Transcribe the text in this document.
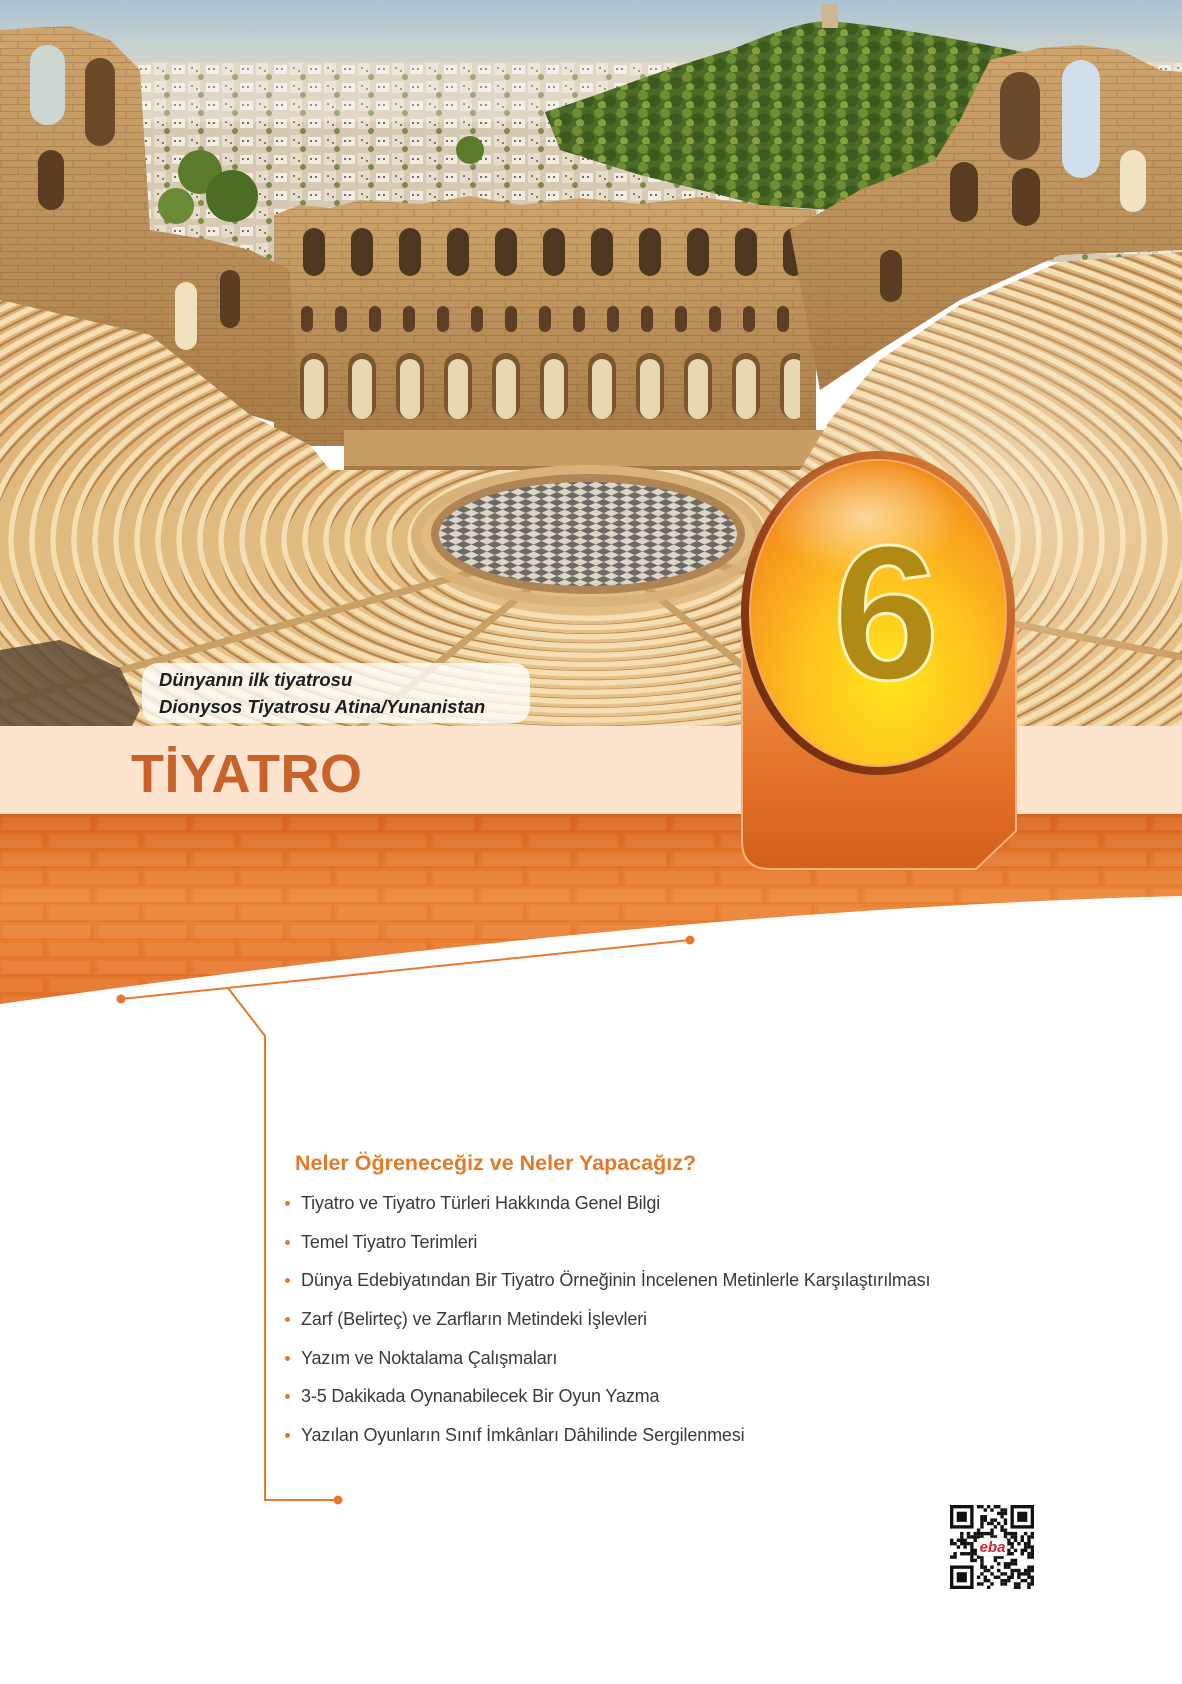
Dünyanın ilk tiyatrosu
Dionysos Tiyatrosu Atina/Yunanistan
TİYATRO
6
Neler Öğreneceğiz ve Neler Yapacağız?
Tiyatro ve Tiyatro Türleri Hakkında Genel Bilgi
Temel Tiyatro Terimleri
Dünya Edebiyatından Bir Tiyatro Örneğinin İncelenen Metinlerle Karşılaştırılması
Zarf (Belirteç) ve Zarfların Metindeki İşlevleri
Yazım ve Noktalama Çalışmaları
3-5 Dakikada Oynanabilecek Bir Oyun Yazma
Yazılan Oyunların Sınıf İmkânları Dâhilinde Sergilenmesi
eba
